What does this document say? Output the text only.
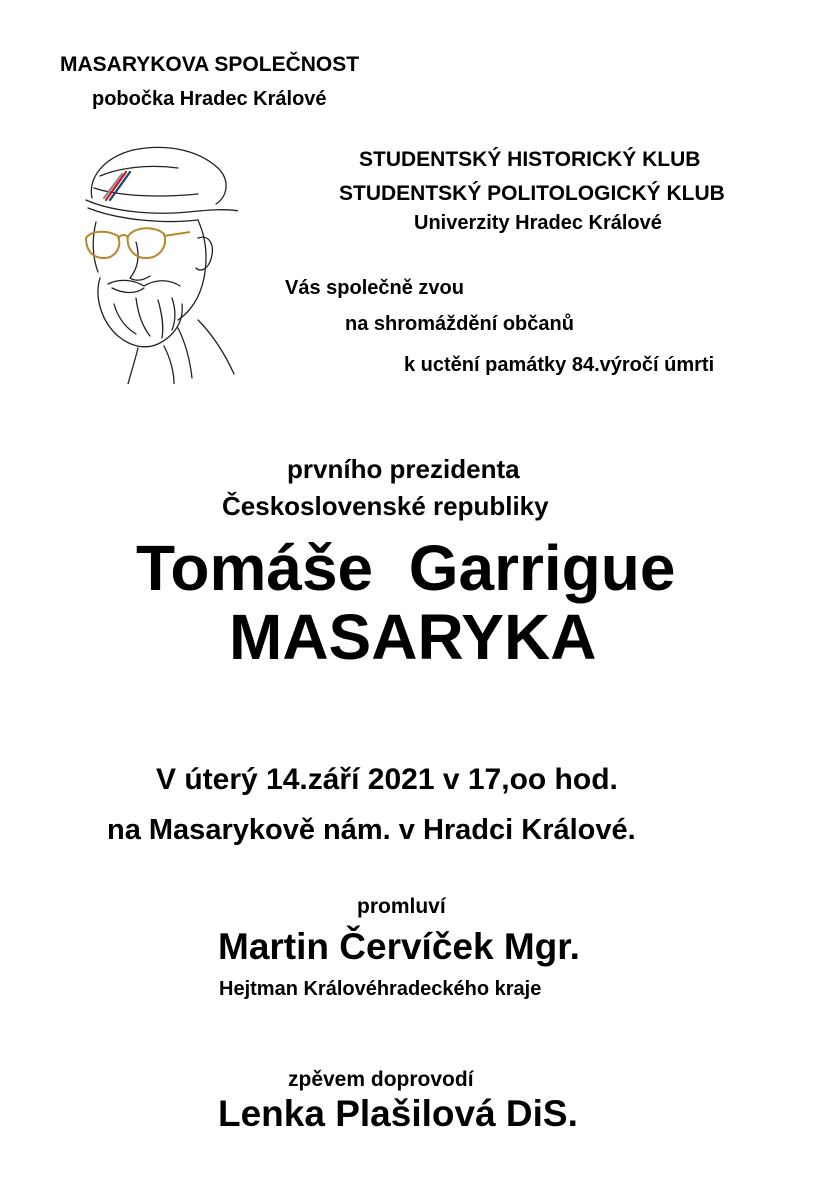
MASARYKOVA SPOLEČNOST
pobočka Hradec Králové
STUDENTSKÝ HISTORICKÝ KLUB
STUDENTSKÝ POLITOLOGICKÝ KLUB
Univerzity Hradec Králové
Vás společně zvou
na shromáždění občanů
k uctění památky 84.výročí úmrti
prvního prezidenta
Československé republiky
Tomáše  Garrigue
MASARYKA
V úterý 14.září 2021 v 17,oo hod.
na Masarykově nám. v Hradci Králové.
promluví
Martin Červíček Mgr.
Hejtman Královéhradeckého kraje
zpěvem doprovodí
Lenka Plašilová DiS.
